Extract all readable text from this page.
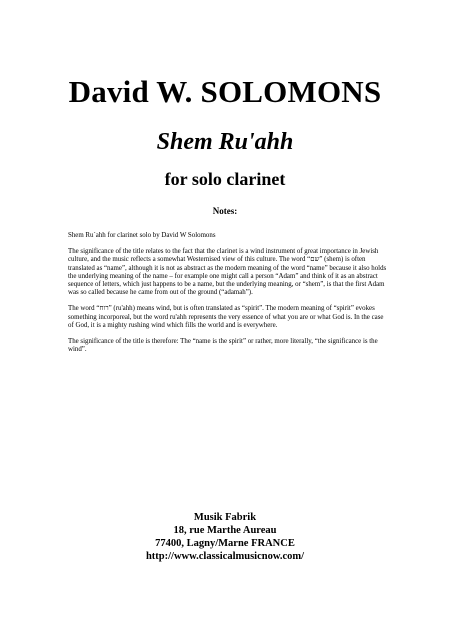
David W. SOLOMONS
Shem Ru'ahh
for solo clarinet
Notes:

Shem Ru`ahh for clarinet solo by David W Solomons

The significance of the title relates to the fact that the clarinet is a wind instrument of great importance in Jewish culture, and the music reflects a somewhat Westernised view of this culture. The word “שם” (shem) is often translated as “name”, although it is not as abstract as the modern meaning of the word “name” because it also holds the underlying meaning of the name – for example one might call a person “Adam” and think of it as an abstract sequence of letters, which just happens to be a name, but the underlying meaning, or “shem”, is that the first Adam was so called because he came from out of the ground (“adamah”).

The word “רוח” (ru'ahh) means wind, but is often translated as “spirit”. The modern meaning of “spirit” evokes something incorporeal, but the word ru'ahh represents the very essence of what you are or what God is. In the case of God, it is a mighty rushing wind which fills the world and is everywhere.

The significance of the title is therefore: The “name is the spirit” or rather, more literally, “the significance is the wind”.

Musik Fabrik
18, rue Marthe Aureau
77400, Lagny/Marne FRANCE
http://www.classicalmusicnow.com/
